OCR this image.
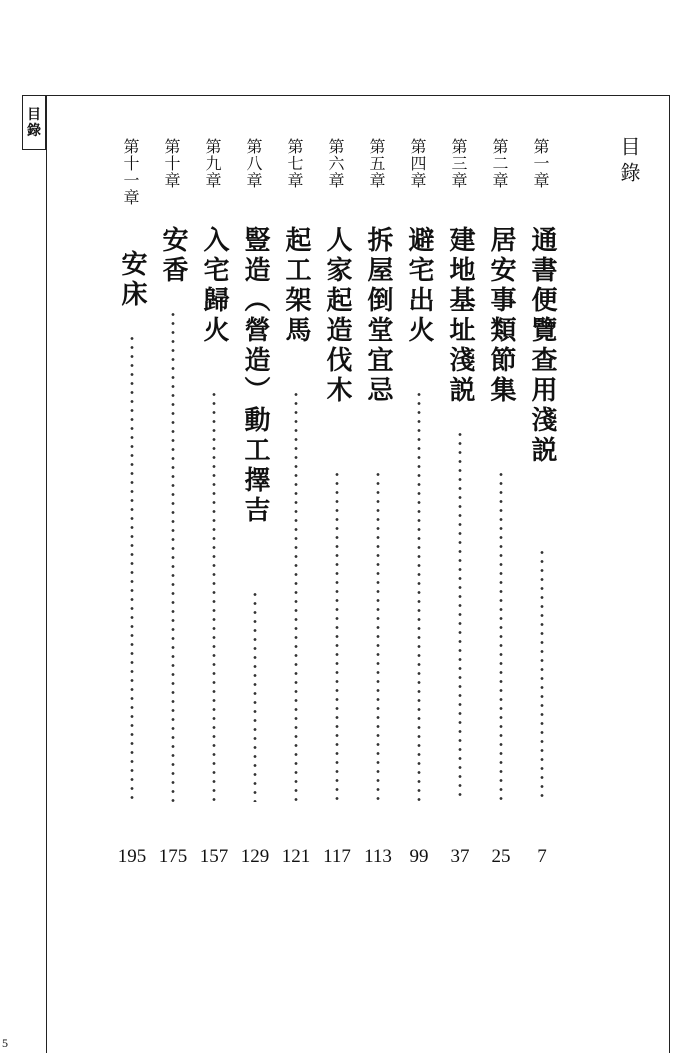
目
錄
5
目錄
第一章
通書便覽查用淺説
7
第二章
居安事類節集
25
第三章
建地基址淺説
37
第四章
避宅出火
99
第五章
拆屋倒堂宜忌
113
第六章
人家起造伐木
117
第七章
起工架馬
121
第八章
豎造︵營造︶動工擇吉
129
第九章
入宅歸火
157
第十章
安香
175
第十一章
安床
195
